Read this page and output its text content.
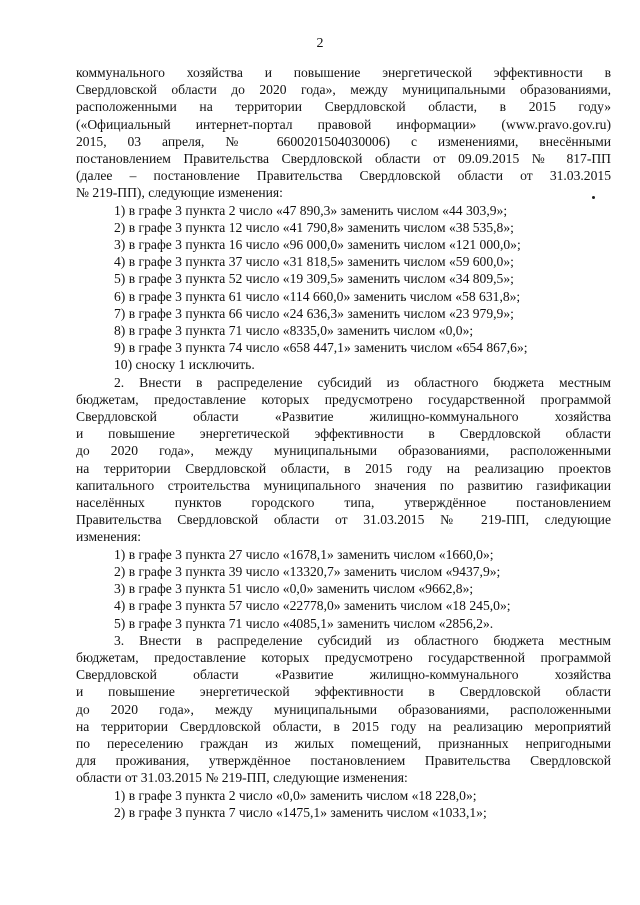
2
коммунального хозяйства и повышение энергетической эффективности в
Свердловской области до 2020 года», между муниципальными образованиями,
расположенными на территории Свердловской области, в 2015 году»
(«Официальный интернет-портал правовой информации» (www.pravo.gov.ru)
2015, 03 апреля, № 6600201504030006) с изменениями, внесёнными
постановлением Правительства Свердловской области от 09.09.2015 № 817-ПП
(далее – постановление Правительства Свердловской области от 31.03.2015
№ 219-ПП), следующие изменения:
1) в графе 3 пункта 2 число «47 890,3» заменить числом «44 303,9»;
2) в графе 3 пункта 12 число «41 790,8» заменить числом «38 535,8»;
3) в графе 3 пункта 16 число «96 000,0» заменить числом «121 000,0»;
4) в графе 3 пункта 37 число «31 818,5» заменить числом «59 600,0»;
5) в графе 3 пункта 52 число «19 309,5» заменить числом «34 809,5»;
6) в графе 3 пункта 61 число «114 660,0» заменить числом «58 631,8»;
7) в графе 3 пункта 66 число «24 636,3» заменить числом «23 979,9»;
8) в графе 3 пункта 71 число «8335,0» заменить числом «0,0»;
9) в графе 3 пункта 74 число «658 447,1» заменить числом «654 867,6»;
10) сноску 1 исключить.
2. Внести в распределение субсидий из областного бюджета местным
бюджетам, предоставление которых предусмотрено государственной программой
Свердловской области «Развитие жилищно-коммунального хозяйства
и повышение энергетической эффективности в Свердловской области
до 2020 года», между муниципальными образованиями, расположенными
на территории Свердловской области, в 2015 году на реализацию проектов
капитального строительства муниципального значения по развитию газификации
населённых пунктов городского типа, утверждённое постановлением
Правительства Свердловской области от 31.03.2015 № 219-ПП, следующие
изменения:
1) в графе 3 пункта 27 число «1678,1» заменить числом «1660,0»;
2) в графе 3 пункта 39 число «13320,7» заменить числом «9437,9»;
3) в графе 3 пункта 51 число «0,0» заменить числом «9662,8»;
4) в графе 3 пункта 57 число «22778,0» заменить числом «18 245,0»;
5) в графе 3 пункта 71 число «4085,1» заменить числом «2856,2».
3. Внести в распределение субсидий из областного бюджета местным
бюджетам, предоставление которых предусмотрено государственной программой
Свердловской области «Развитие жилищно-коммунального хозяйства
и повышение энергетической эффективности в Свердловской области
до 2020 года», между муниципальными образованиями, расположенными
на территории Свердловской области, в 2015 году на реализацию мероприятий
по переселению граждан из жилых помещений, признанных непригодными
для проживания, утверждённое постановлением Правительства Свердловской
области от 31.03.2015 № 219-ПП, следующие изменения:
1) в графе 3 пункта 2 число «0,0» заменить числом «18 228,0»;
2) в графе 3 пункта 7 число «1475,1» заменить числом «1033,1»;
